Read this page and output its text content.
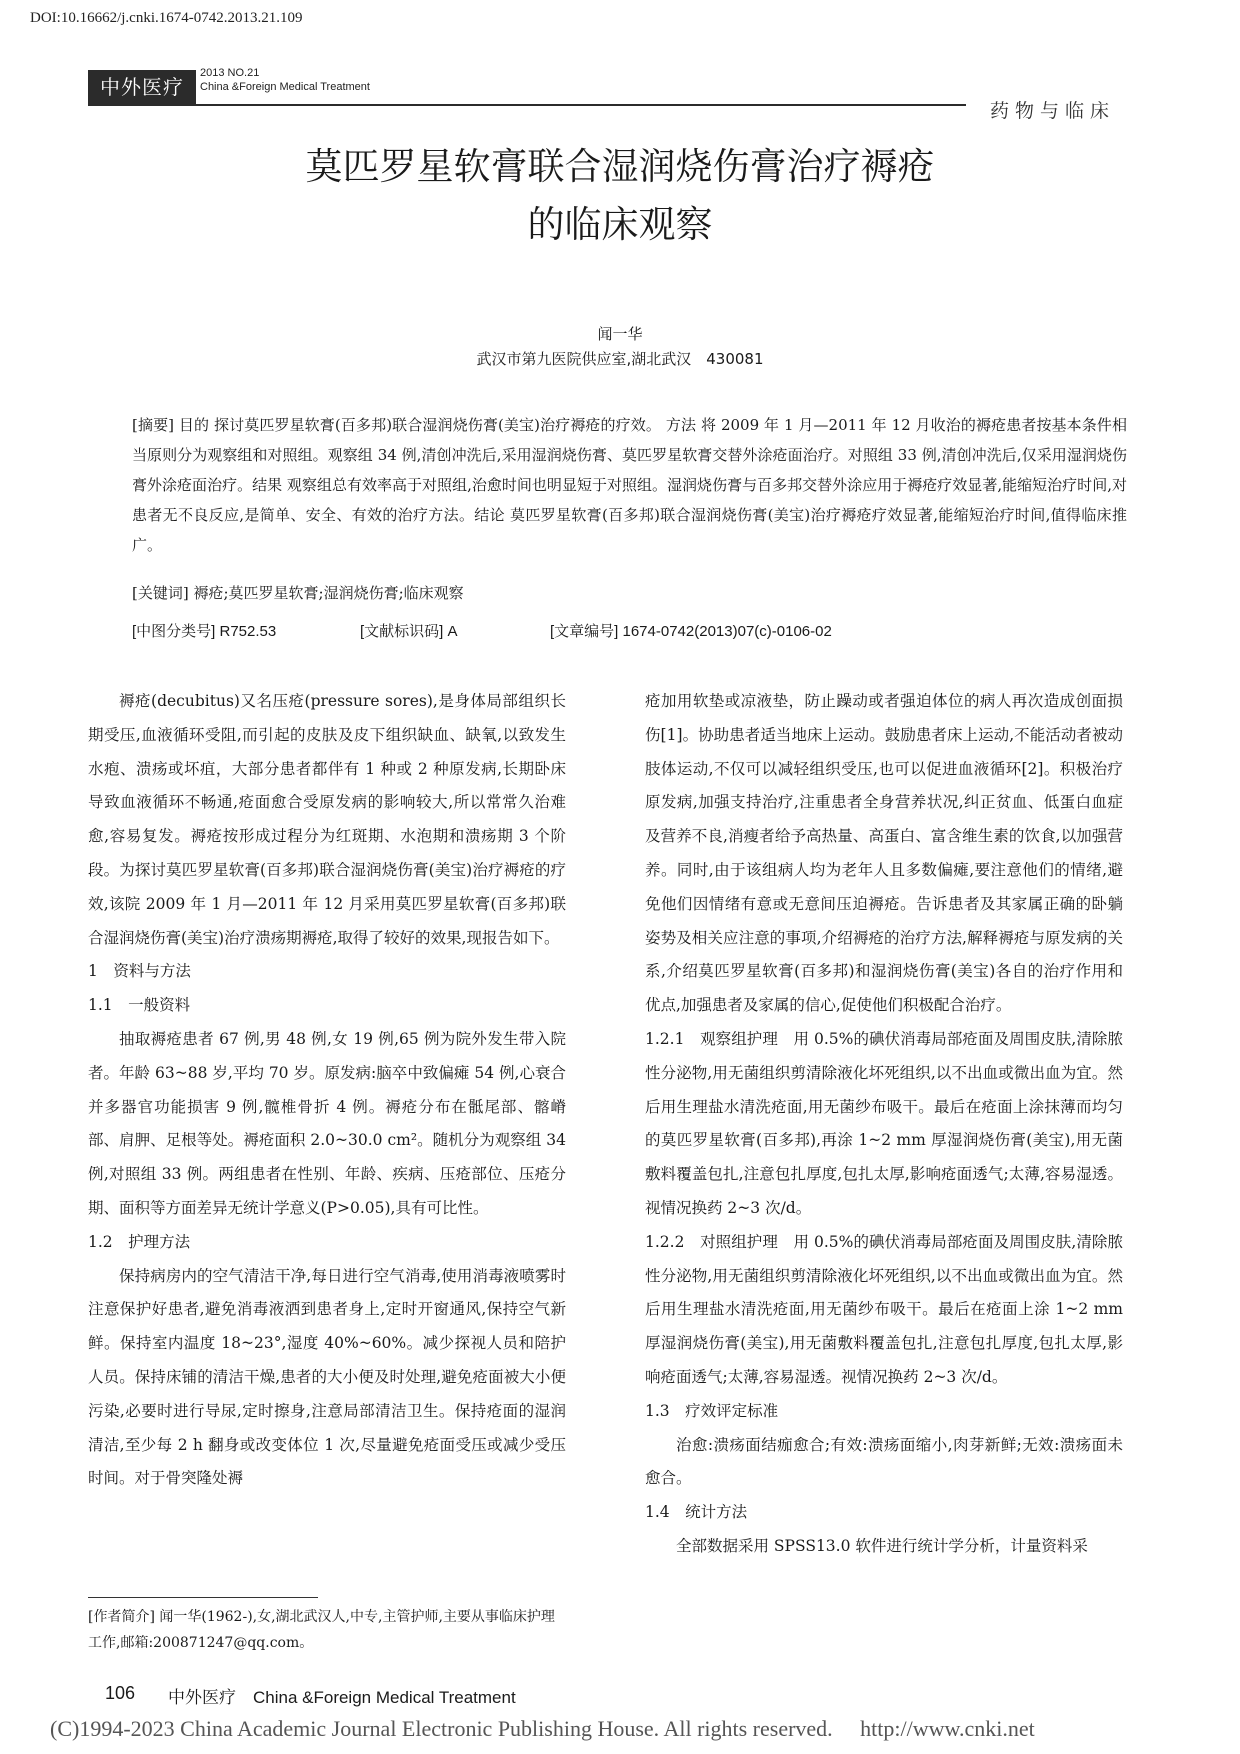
DOI:10.16662/j.cnki.1674-0742.2013.21.109
中外医疗
2013 NO.21
China &Foreign Medical Treatment
药物与临床
莫匹罗星软膏联合湿润烧伤膏治疗褥疮
的临床观察
闻一华
武汉市第九医院供应室,湖北武汉　430081
[摘要] 目的 探讨莫匹罗星软膏(百多邦)联合湿润烧伤膏(美宝)治疗褥疮的疗效。 方法 将 2009 年 1 月—2011 年 12 月收治的褥疮患者按基本条件相当原则分为观察组和对照组。观察组 34 例,清创冲洗后,采用湿润烧伤膏、莫匹罗星软膏交替外涂疮面治疗。对照组 33 例,清创冲洗后,仅采用湿润烧伤膏外涂疮面治疗。结果 观察组总有效率高于对照组,治愈时间也明显短于对照组。湿润烧伤膏与百多邦交替外涂应用于褥疮疗效显著,能缩短治疗时间,对患者无不良反应,是简单、安全、有效的治疗方法。结论 莫匹罗星软膏(百多邦)联合湿润烧伤膏(美宝)治疗褥疮疗效显著,能缩短治疗时间,值得临床推广。
[关键词] 褥疮;莫匹罗星软膏;湿润烧伤膏;临床观察
[中图分类号] R752.53	[文献标识码] A	[文章编号] 1674-0742(2013)07(c)-0106-02

褥疮(decubitus)又名压疮(pressure sores),是身体局部组织长期受压,血液循环受阻,而引起的皮肤及皮下组织缺血、缺氧,以致发生水疱、溃疡或坏疽，大部分患者都伴有 1 种或 2 种原发病,长期卧床导致血液循环不畅通,疮面愈合受原发病的影响较大,所以常常久治难愈,容易复发。褥疮按形成过程分为红斑期、水泡期和溃疡期 3 个阶段。为探讨莫匹罗星软膏(百多邦)联合湿润烧伤膏(美宝)治疗褥疮的疗效,该院 2009 年 1 月—2011 年 12 月采用莫匹罗星软膏(百多邦)联合湿润烧伤膏(美宝)治疗溃疡期褥疮,取得了较好的效果,现报告如下。

1　资料与方法

1.1　一般资料

抽取褥疮患者 67 例,男 48 例,女 19 例,65 例为院外发生带入院者。年龄 63~88 岁,平均 70 岁。原发病:脑卒中致偏瘫 54 例,心衰合并多器官功能损害 9 例,髋椎骨折 4 例。褥疮分布在骶尾部、髂嵴部、肩胛、足根等处。褥疮面积 2.0~30.0 cm²。随机分为观察组 34 例,对照组 33 例。两组患者在性别、年龄、疾病、压疮部位、压疮分期、面积等方面差异无统计学意义(P>0.05),具有可比性。

1.2　护理方法

保持病房内的空气清洁干净,每日进行空气消毒,使用消毒液喷雾时注意保护好患者,避免消毒液洒到患者身上,定时开窗通风,保持空气新鲜。保持室内温度 18~23°,湿度 40%~60%。减少探视人员和陪护人员。保持床铺的清洁干燥,患者的大小便及时处理,避免疮面被大小便污染,必要时进行导尿,定时擦身,注意局部清洁卫生。保持疮面的湿润清洁,至少每 2 h 翻身或改变体位 1 次,尽量避免疮面受压或减少受压时间。对于骨突隆处褥

疮加用软垫或凉液垫，防止躁动或者强迫体位的病人再次造成创面损伤[1]。协助患者适当地床上运动。鼓励患者床上运动,不能活动者被动肢体运动,不仅可以减轻组织受压,也可以促进血液循环[2]。积极治疗原发病,加强支持治疗,注重患者全身营养状况,纠正贫血、低蛋白血症及营养不良,消瘦者给予高热量、高蛋白、富含维生素的饮食,以加强营养。同时,由于该组病人均为老年人且多数偏瘫,要注意他们的情绪,避免他们因情绪有意或无意间压迫褥疮。告诉患者及其家属正确的卧躺姿势及相关应注意的事项,介绍褥疮的治疗方法,解释褥疮与原发病的关系,介绍莫匹罗星软膏(百多邦)和湿润烧伤膏(美宝)各自的治疗作用和优点,加强患者及家属的信心,促使他们积极配合治疗。

1.2.1　观察组护理　用 0.5%的碘伏消毒局部疮面及周围皮肤,清除脓性分泌物,用无菌组织剪清除液化坏死组织,以不出血或微出血为宜。然后用生理盐水清洗疮面,用无菌纱布吸干。最后在疮面上涂抹薄而均匀的莫匹罗星软膏(百多邦),再涂 1~2 mm 厚湿润烧伤膏(美宝),用无菌敷料覆盖包扎,注意包扎厚度,包扎太厚,影响疮面透气;太薄,容易湿透。视情况换药 2~3 次/d。

1.2.2　对照组护理　用 0.5%的碘伏消毒局部疮面及周围皮肤,清除脓性分泌物,用无菌组织剪清除液化坏死组织,以不出血或微出血为宜。然后用生理盐水清洗疮面,用无菌纱布吸干。最后在疮面上涂 1~2 mm 厚湿润烧伤膏(美宝),用无菌敷料覆盖包扎,注意包扎厚度,包扎太厚,影响疮面透气;太薄,容易湿透。视情况换药 2~3 次/d。

1.3　疗效评定标准

治愈:溃疡面结痂愈合;有效:溃疡面缩小,肉芽新鲜;无效:溃疡面未愈合。

1.4　统计方法

全部数据采用 SPSS13.0 软件进行统计学分析，计量资料采

[作者简介] 闻一华(1962-),女,湖北武汉人,中专,主管护师,主要从事临床护理工作,邮箱:200871247@qq.com。
106 中外医疗　China &Foreign Medical Treatment
(C)1994-2023 China Academic Journal Electronic Publishing House. All rights reserved.　 http://www.cnki.net
